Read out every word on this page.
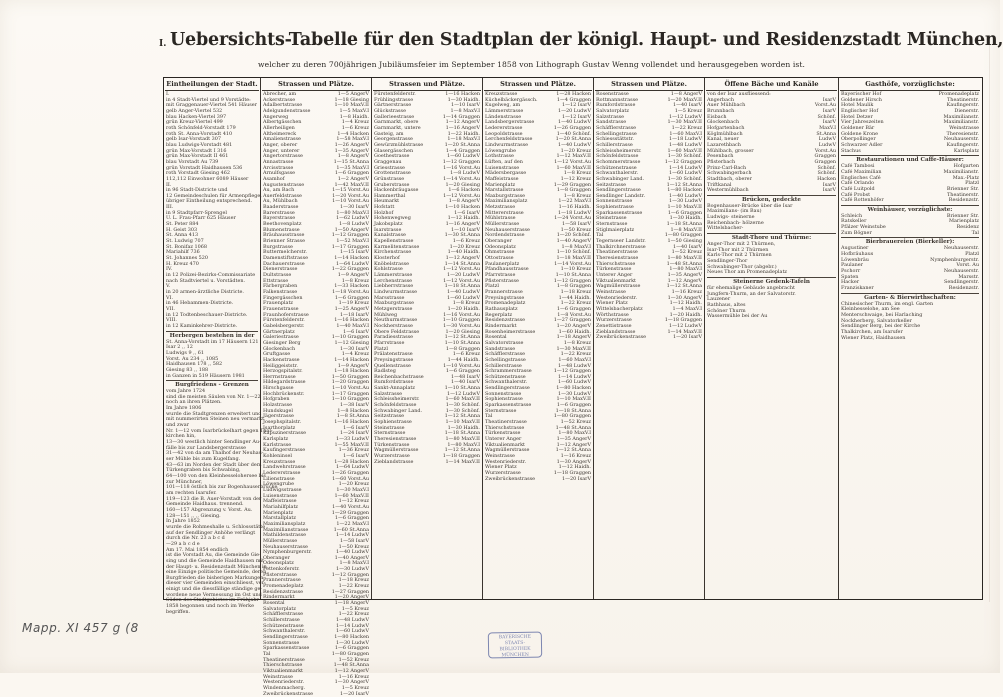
I. Uebersichts-Tabelle für den Stadtplan der königl. Haupt- und Residenzstadt München,
welcher zu deren 700jährigen Jubiläumsfeier im September 1858 von Lithograph Gustav Wenng vollendet und herausgegeben worden ist.
Eintheilungen der Stadt.
I.
in 4 Stadt-Viertel und 9 Vorstädte:
mit Graggenauer-Viertel 541 Häuser
gelb Anger-Viertel 532
blau Hacken-Viertel 397
grün Kreuz-Viertel 499
roth Schönfeld-Vorstadt 179
roth St. Anna-Vorstadt 410
gelb Isar-Vorstadt 307
blau Ludwigs-Vorstadt 481
grün Max-Vorstadt I 316
grün Max-Vorstadt II 461
blau Vorstadt Au 739
grün Vorstadt Haidhausen 536
roth Vorstadt Giesing 462
112,112 Einwohner 6089 Häuser
II.
in 96 Stadt-Districte und
12 Gemeindeschulen für Armenpflege,
übriger Eintheilung entsprechend.
III.
in 9 Stadtpfarr-Sprengel
U. L. Frau-Pfarr 625 Häuser
St. Peter 884
H. Geist 303
St. Anna 413
St. Ludwig 707
St. Bonifaz 1068
Mariahilf 736
St. Johannes 520
H. Kreuz 470
IV.
in 12 Polizei-Bezirks-Commissariate
nach Stadtviertel u. Vorstädten.
V.
in 20 armen-ärztliche Districte.
VI.
in 46 Hebammen-Districte.
VII.
in 12 Todtenbeschauer-Districte.
VIII.
in 12 Kaminkehrer-Districte.
Herbergen bestehen in der
St. Anna-Vorstadt im 17 Häusern 121
Isar 2 ,, 12
Ludwigs 9 ,, 61
Vorst. Au 234 ,, 1085
Haidhausen 178 ,, 582
Giesing 83 ,, 188
in Ganzen in 519 Häusern 1981
Burgfriedens - Grenzen
vom Jahre 1724
sind die meisten Säulen von Nr. 1—22
noch an ihren Plätzen.
Im Jahre 1806
wurde die Stadtgrenzen erweitert und
mit nummerirten Steinen neu vermarkt
und zwar
Nr. 1—12 vom Isarbrückelhart gegen Thal-
kirchen hin,
13—30 westlich hinter Sendlinger Au-
fälle bis zur Landsbergerstrasse
31—42 von da am Thalhof der Neuhau-
ser Mühle bis zum Kugelfang.
43—63 im Norden der Stadt über dem
Türkengraben bis Schwabing,
64—100 von den Kleinhesselohersee bis
zur Münchner,
101—118 östlich bis zur Bogenhauserbrücke
am rechten Isarufer.
119—123 die B. Auer-Vorstadt von der
Gemeinde Haidhaus. trennend.
160—157 Abgrenzung v. Vorst. Au.
128—151 ,, ,, Giesing.
In Jahre 1852
wurde die Rohmeshalle u. Schlossstätte
auf der Sendlinger Anhöhe verlängt
durch die Nr. 23 a b c d
—29 a b c d e
Am 17. Mai 1854 endlich
ist die Vorstadt Au, die Gemeinde Gie-
sing und die Gemeinde Haidhausen mit
der Haupt- u. Residenzstadt München in
eine Einzige politische Gemeinde, deren
Burgfrieden die bisherigen Markungen
dieser vier Gemeinden einschliesst, ver-
einigt und die diessfällige ständige ge-
wordene neue Vermessung im Ost und
Süden des Stadtgebietes im Frühjahr
1858 begonnen und noch im Werke
begriffen.
Strassen und Plätze.
Abrecher, am	1—5 AngerV
Ackerstrasse	1—18 Giesing
Adalbertstrasse	1—10 MaxV.II
Adelgundenstrasse	1—5 MaxV.I
Angerweg	1—8 Haidh.
Albertgässchen	1—4 Kreuz
Allerheiligen	1—6 Kreuz
Altheimereck	1—4 Hacken
Amalienstrasse	1—58 MaxV.I
Anger, oberer	1—26 AngerV
Anger, unterer	1—35 AngerV
Angertorstrasse	1—8 AngerV
Annastrasse	1—15 St.Anna
Arcisstrasse	1—35 MaxV.I
Arnulfsgasse	1—6 Graggen
Asamhof	1—2 AngerV
Augustenstrasse	1—42 MaxV.II
Au, am Bach	1—15 Vorst.Au
Auerfeldstrasse	1—20 Vorst.Au
Au, Mühlbach	1—10 Vorst.Au
Baaderstrasse	1—30 IsarV
Barerstrasse	1—80 MaxV.I
Bayerstrasse	1—62 LudwV
Beethovenplatz	1—8 LudwV
Blumenstrasse	1—50 AngerV
Bräuhausstrasse	1—12 Graggen
Brienner Strasse	1—52 MaxV.I
Burgstrasse	1—17 Graggen
Buttermelcherstr.	1—15 IsarV
Damenstiftstrasse	1—14 Hacken
Dachauerstrasse	1—64 LudwV
Dienerstrasse	1—22 Graggen
Dultstrasse	1—9 AngerV
Ettstrasse	1—8 Kreuz
Färbergraben	1—33 Hacken
Falkenstrasse	1—18 Vorst.Au
Fingergässchen	1—6 Graggen
Frauenplatz	1—19 Kreuz
Frauenstrasse	1—25 AngerV
Fraunhoferstrasse	1—18 IsarV
Fürstenfelderstr.	1—16 Hacken
Gabelsbergerstr.	1—40 MaxV.I
Gärtnerplatz	1—6 IsarV
Galeriestrasse	1—10 Graggen
Giesinger Berg	1—12 Giesing
Glockenbach	1—30 IsarV
Gruftgasse	1—4 Kreuz
Hackenstrasse	1—14 Hacken
Heiliggeiststr.	1—9 AngerV
Herzogspitalstr.	1—18 Hacken
Herrnstrasse	1—50 Graggen
Hildegardstrasse	1—20 Graggen
Hirschgasse	1—10 Vorst.Au
Hochbrückenstr.	1—17 Graggen
Hofgraben	1—10 Graggen
Holzstrasse	1—38 IsarV
Hundskugel	1—8 Hacken
Jägerstrasse	1—8 St.Anna
Josephspitalstr.	1—16 Hacken
Isarthorplatz	1—6 IsarV
Kapuzinerstrasse	1—24 IsarV
Karlsplatz	1—33 LudwV
Karlstrasse	1—55 MaxV.II
Kaufingerstrasse	1—36 Kreuz
Kohleninsel	1—6 IsarV
Kreuzstrasse	1—28 Hacken
Landwehrstrasse	1—64 LudwV
Ledererstrasse	1—26 Graggen
Lilienstrasse	1—60 Vorst.Au
Löwengrube	1—20 Kreuz
Ludwigsstrasse	1—30 MaxV.I
Luisenstrasse	1—60 MaxV.II
Maffeistrasse	1—12 Kreuz
Mariahilfplatz	1—40 Vorst.Au
Marienplatz	1—29 Graggen
Marstallplatz	1—6 Graggen
Maximiliansplatz	1—22 MaxV.I
Maximilianstrasse	1—60 St.Anna
Mathildenstrasse	1—14 LudwV
Müllerstrasse	1—58 IsarV
Neuhauserstrasse	1—50 Kreuz
Nymphenburgerstr.	1—40 LudwV
Oberanger	1—40 AngerV
Odeonsplatz	1—8 MaxV.I
Pettenkoferstr.	1—30 LudwV
Pfisterstrasse	1—12 Graggen
Prannerstrasse	1—18 Kreuz
Promenadeplatz	1—22 Kreuz
Residenzstrasse	1—27 Graggen
Rindermarkt	1—20 AngerV
Rosental	1—18 AngerV
Salvatorplatz	1—5 Kreuz
Schäfflerstrasse	1—22 Kreuz
Schillerstrasse	1—48 LudwV
Schützenstrasse	1—14 LudwV
Schwanthalerstr.	1—60 LudwV
Sendlingerstrasse	1—80 Hacken
Sonnenstrasse	1—30 LudwV
Sparkassenstrasse	1—6 Graggen
Tal	1—80 Graggen
Theatinerstrasse	1—52 Kreuz
Thierschstrasse	1—48 St.Anna
Viktualienmarkt	1—12 AngerV
Weinstrasse	1—16 Kreuz
Westenriederstr.	1—30 AngerV
Windenmacherg.	1—5 Kreuz
Zweibrückenstrasse	1—20 IsarV
Strassen und Plätze.
Fürstenfelderstr.	1—16 Hacken
Frühlingstrasse	1—30 Haidh.
Gärtnerstrasse	1—10 IsarV
Glückstrasse	1—8 MaxV.I
Gallerieestrasse	1—14 Graggen
Garnmarkt, obere	1—12 AngerV
Garnmarkt, untere	1—16 AngerV
Gasteig, am	1—22 Haidh.
Georgenstrasse	1—18 MaxV.I
Gewürzmühlstrasse	1—20 St.Anna
Glasergässchen	1—4 Graggen
Goethestrasse	1—60 LudwV
Graggenau	1—12 Graggen
Griesstrasse	1—16 Vorst.Au
Grottenstrasse	1—8 LudwV
Grünstrasse	1—14 Vorst.Au
Gruberstrasse	1—20 Giesing
Hackenbräugasse	1—6 Hacken
Hammerthal	1—12 Vorst.Au
Heumarkt	1—8 AngerV
Hofstatt	1—10 Hacken
Holzhof	1—6 IsarV
Hohenwegweg	1—12 Haidh.
Jakobsplatz	1—16 AngerV
Isarstrasse	1—10 IsarV
Kanalstrasse	1—30 St.Anna
Kapellenstrasse	1—6 Kreuz
Karmelitenstrasse	1—20 Kreuz
Kirchenstrasse	1—40 Haidh.
Klosterhof	1—12 AngerV
Knöbelstrasse	1—14 St.Anna
Kohlstrasse	1—12 Vorst.Au
Lämmerstrasse	1—20 LudwV
Lerchenstrasse	1—12 Vorst.Au
Liebherrstrasse	1—18 St.Anna
Lindwurmstrasse	1—40 LudwV
Marsstrasse	1—60 LudwV
Maxburgstrasse	1—8 Kreuz
Metzgerstrasse	1—20 Haidh.
Mühlweg	1—16 Vorst.Au
Neuthurmstrasse	1—10 Graggen
Nockherstrasse	1—30 Vorst.Au
Obere Feldstrasse	1—20 Giesing
Paradiesstrasse	1—12 St.Anna
Pfarrstrasse	1—10 St.Anna
Platzl	1—8 Graggen
Prälatenstrasse	1—6 Kreuz
Preysingstrasse	1—44 Haidh.
Quellenstrasse	1—10 Vorst.Au
Radlsteg	1—6 Graggen
Reichenbachstrasse	1—48 IsarV
Rumfordstrasse	1—40 IsarV
Sankt-Annaplatz	1—10 St.Anna
Salzstrasse	1—12 LudwV
Schleissheimerstr.	1—60 MaxV.II
Schönfeldstrasse	1—30 Schönf.
Schwabinger Land.	1—30 Schönf.
Seitzstrasse	1—12 St.Anna
Sophienstrasse	1—10 MaxV.II
Steinstrasse	1—30 Haidh.
Sternstrasse	1—18 St.Anna
Theresienstrasse	1—80 MaxV.II
Türkenstrasse	1—80 MaxV.I
Wagmüllerstrasse	1—12 St.Anna
Wurzerstrasse	1—18 Graggen
Zieblandstrasse	1—14 MaxV.II
Strassen und Plätze.
Kreuzstrasse	1—28 Hacken
Küchelbäckergässch.	1—4 Graggen
Kugelweg, am	1—12 IsarV
Lämmerstrasse	1—20 LudwV
Ländenstrasse	1—12 IsarV
Landsbergerstrasse	1—40 LudwV
Ledererstrasse	1—26 Graggen
Leopoldstrasse	1—40 Schönf.
Lerchenfeldstrasse	1—20 St.Anna
Lindwurmstrasse	1—40 LudwV
Löwengrube	1—20 Kreuz
Lothstrasse	1—12 MaxV.II
Lüften, auf den	1—12 Vorst.Au
Luisenstrasse	1—60 MaxV.II
Mädersbergasse	1—8 Kreuz
Maffeistrasse	1—12 Kreuz
Marienplatz	1—29 Graggen
Marstallstrasse	1—8 Graggen
Maxburgstrasse	1—8 Kreuz
Maximiliansplatz	1—22 MaxV.I
Metzstrasse	1—16 Haidh.
Mittererstrasse	1—18 LudwV
Mühlstrasse	1—24 Vorst.Au
Müllerstrasse	1—58 IsarV
Neuhauserstrasse	1—50 Kreuz
Nordendstrasse	1—20 Schönf.
Oberanger	1—40 AngerV
Odeonsplatz	1—8 MaxV.I
Ohmstrasse	1—10 Schönf.
Ottostrasse	1—18 MaxV.II
Paulanerplatz	1—14 Vorst.Au
Pfandhausstrasse	1—10 Kreuz
Pfarrstrasse	1—10 St.Anna
Pfisterstrasse	1—12 Graggen
Platzl	1—8 Graggen
Prannerstrasse	1—18 Kreuz
Preysingstrasse	1—44 Haidh.
Promenadeplatz	1—22 Kreuz
Rathausplatz	1—6 Graggen
Regerplatz	1—8 Vorst.Au
Residenzstrasse	1—27 Graggen
Rindermarkt	1—20 AngerV
Rosenheimerstrasse	1—60 Haidh.
Rosental	1—18 AngerV
Salvatorstrasse	1—8 Kreuz
Sandstrasse	1—30 MaxV.II
Schäfflerstrasse	1—22 Kreuz
Schellingstrasse	1—60 MaxV.I
Schillerstrasse	1—48 LudwV
Schrammerstrasse	1—12 Graggen
Schützenstrasse	1—14 LudwV
Schwanthalerstr.	1—60 LudwV
Sendlingerstrasse	1—80 Hacken
Sonnenstrasse	1—30 LudwV
Sophienstrasse	1—10 MaxV.II
Sparkassenstrasse	1—6 Graggen
Sternstrasse	1—18 St.Anna
Tal	1—80 Graggen
Theatinerstrasse	1—52 Kreuz
Thierschstrasse	1—48 St.Anna
Türkenstrasse	1—80 MaxV.I
Unterer Anger	1—35 AngerV
Viktualienmarkt	1—12 AngerV
Wagmüllerstrasse	1—12 St.Anna
Weinstrasse	1—16 Kreuz
Westenriederstr.	1—30 AngerV
Wiener Platz	1—12 Haidh.
Wurzerstrasse	1—18 Graggen
Zweibrückenstrasse	1—20 IsarV
Strassen und Plätze.
Rosenstrasse	1—8 AngerV
Rottmannstrasse	1—20 MaxV.II
Rumfordstrasse	1—40 IsarV
Salvatorplatz	1—5 Kreuz
Salzstrasse	1—12 LudwV
Sandstrasse	1—30 MaxV.II
Schäfflerstrasse	1—22 Kreuz
Schellingstrasse	1—60 MaxV.I
Schiessstättstr.	1—18 LudwV
Schillerstrasse	1—48 LudwV
Schleissheimerstr.	1—60 MaxV.II
Schönfeldstrasse	1—30 Schönf.
Schommerstrasse	1—12 Graggen
Schützenstrasse	1—14 LudwV
Schwanthalerstr.	1—60 LudwV
Schwabinger Land.	1—30 Schönf.
Seitzstrasse	1—12 St.Anna
Sendlingerstrasse	1—80 Hacken
Sendlinger Landstr.	1—40 LudwV
Sonnenstrasse	1—30 LudwV
Sophienstrasse	1—10 MaxV.II
Sparkassenstrasse	1—6 Graggen
Steinstrasse	1—30 Haidh.
Sternstrasse	1—18 St.Anna
Stiglmaierplatz	1—8 MaxV.II
Tal	1—80 Graggen
Tegernseer Landstr.	1—50 Giesing
Thalkirchnerstrasse	1—40 IsarV
Theatinerstrasse	1—52 Kreuz
Theresienstrasse	1—80 MaxV.II
Thierschstrasse	1—48 St.Anna
Türkenstrasse	1—80 MaxV.I
Unterer Anger	1—35 AngerV
Viktualienmarkt	1—12 AngerV
Wagmüllerstrasse	1—12 St.Anna
Weinstrasse	1—16 Kreuz
Westenriederstr.	1—30 AngerV
Wiener Platz	1—12 Haidh.
Wittelsbacherplatz	1—4 MaxV.I
Wörthstrasse	1—20 Haidh.
Wurzerstrasse	1—18 Graggen
Zenettistrasse	1—12 LudwV
Zieblandstrasse	1—14 MaxV.II
Zweibrückenstrasse	1—20 IsarV
Öffene Bäche und Kanäle
von der Isar ausfliessend:
Angerbach	IsarV
Auer Mühlbach	Vorst.Au
Brunnbach	IsarV
Eisbach	Schönf.
Glockenbach	IsarV
Hofgartenbach	MaxV.I
Köglmühlbach	St.Anna
Kanal, neuer	LudwV
Lazarethbach	LudwV
Mühlbach, grosser	Vorst.Au
Pesenbach	Graggen
Pfisterbach	Graggen
Prinz-Carl-Bach	Schönf.
Schwabingerbach	Schönf.
Stadtbach, oberer	Hacken
Triftkanal	IsarV
Westermühlbach	IsarV
Brücken, gedeckte
Bogenhauser-Brücke über die Isar
Maximilians- (im Bau)
Ludwigs- steinerne
Reichenbach- hölzerne
Wittelsbacher-
Stadt-Thore und Thürme:
Anger-Thor mit 2 Thürmen,
Isar-Thor mit 2 Thürmen
Karls-Thor mit 2 Thürmen
Sendlinger-Thor
Schwabinger-Thor (abgebr.)
Neues Thor am Promenadeplatz
Steinerne Gedenk-Tafeln
für ehemalige Gebäude angebracht
Jungfern-Thurm, an der Salvatorstr.
Lauzener
Rathhaus, altes
Schöner Thurm
Wassermühle bei der Au
Gasthöfe, vorzüglichste:
Bayerischer Hof	Promenadeplatz
Goldener Hirsch	Theatinerstr.
Hotel Maulik	Kaufingerstr.
Englischer Hof	Dienerstr.
Hotel Detzer	Maximilianstr.
Vier Jahreszeiten	Maximilianstr.
Goldener Bär	Weinstrasse
Goldene Krone	Theresienstr.
Oberpollinger	Neuhauserstr.
Schwarzer Adler	Kaufingerstr.
Stachus	Karlsplatz
Restaurationen und Caffe-Häuser:
Café Tambosi	Hofgarten
Café Maximilian	Maximilianstr.
Englisches Café	Max.-Platz
Café Orlando	Platzl
Café Luitpold	Brienner Str.
Café Probst	Theatinerstr.
Café Rottenhöfer	Residenzstr.
Weinhäuser, vorzüglichste:
Schleich	Brienner Str.
Ratskeller	Marienplatz
Pfälzer Weinstube	Residenz
Zum Bögner	Tal
Bierbrauereien (Bierkeller):
Augustiner	Neuhauserstr.
Hofbräuhaus	Platzl
Löwenbräu	Nymphenburgerstr.
Paulaner	Vorst. Au
Pschorr	Neuhauserstr.
Spaten	Marsstr.
Hacker	Sendlingerstr.
Franziskaner	Residenzstr.
Garten- & Bierwirthschaften:
Chinesischer Thurm, im engl. Garten
Kleinhesselohe, am See
Menterschwaige, bei Harlaching
Nockherberg, Salvatorkeller
Sendlinger Berg, bei der Kirche
Thalkirchen, am Isarufer
Wiener Platz, Haidhausen
BAYERISCHE
STAATS-
BIBLIOTHEK
MÜNCHEN
Mapp. XI 457 g (8
